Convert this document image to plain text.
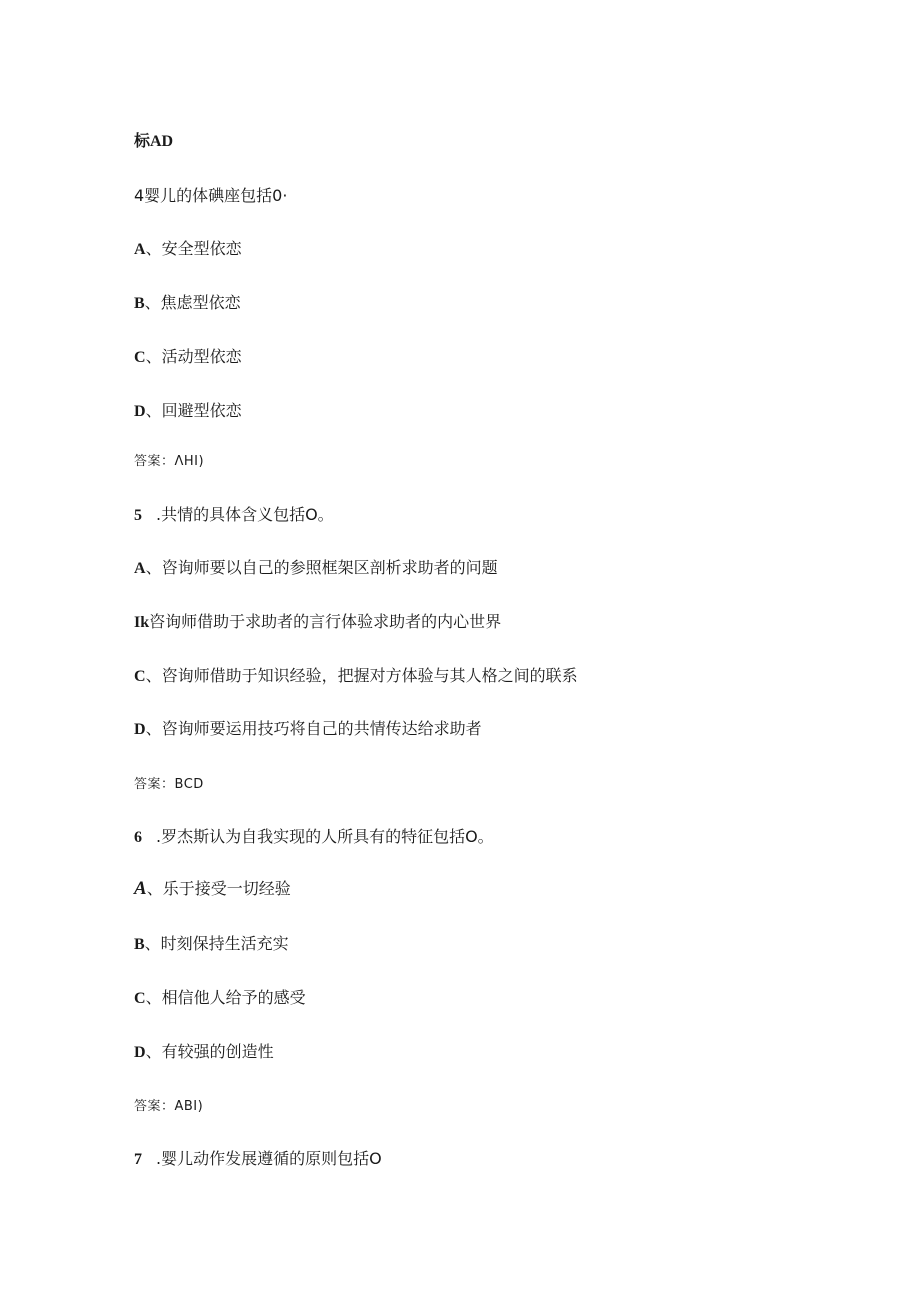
标AD
4婴儿的体碘座包括0·
A、安全型依恋
B、焦虑型依恋
C、活动型依恋
D、回避型依恋
答案：ΛHI)
5 .共情的具体含义包括O。
A、咨询师要以自己的参照框架区剖析求助者的问题
Ik咨询师借助于求助者的言行体验求助者的内心世界
C、咨询师借助于知识经验，把握对方体验与其人格之间的联系
D、咨询师要运用技巧将自己的共情传达给求助者
答案：BCD
6 .罗杰斯认为自我实现的人所具有的特征包括O。
A、乐于接受一切经验
B、时刻保持生活充实
C、相信他人给予的感受
D、有较强的创造性
答案：ABI)
7 .婴儿动作发展遵循的原则包括O
